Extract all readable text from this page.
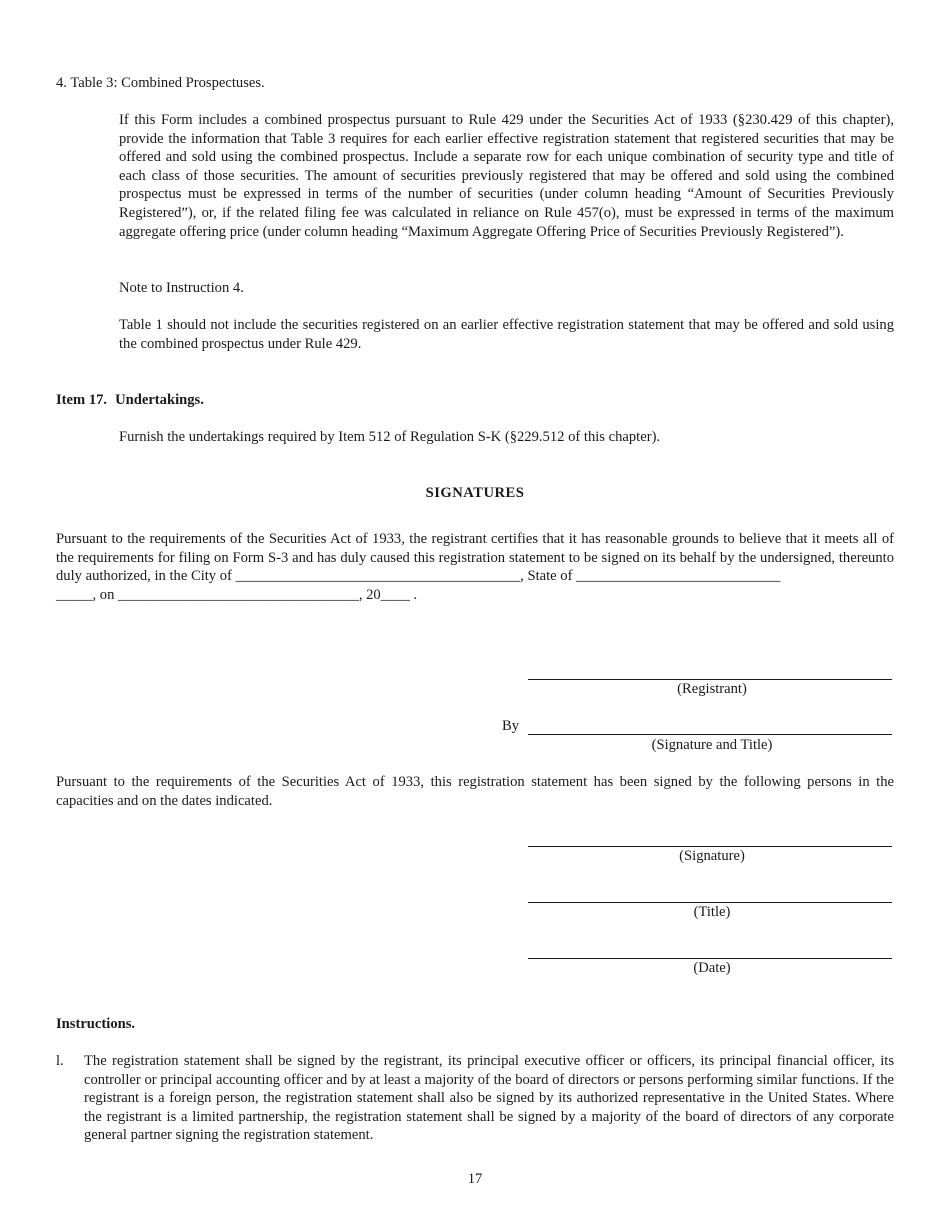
4. Table 3: Combined Prospectuses.
If this Form includes a combined prospectus pursuant to Rule 429 under the Securities Act of 1933 (§230.429 of this chapter), provide the information that Table 3 requires for each earlier effective registration statement that registered securities that may be offered and sold using the combined prospectus. Include a separate row for each unique combination of security type and title of each class of those securities. The amount of securities previously registered that may be offered and sold using the combined prospectus must be expressed in terms of the number of securities (under column heading “Amount of Securities Previously Registered”), or, if the related filing fee was calculated in reliance on Rule 457(o), must be expressed in terms of the maximum aggregate offering price (under column heading “Maximum Aggregate Offering Price of Securities Previously Registered”).
Note to Instruction 4.
Table 1 should not include the securities registered on an earlier effective registration statement that may be offered and sold using the combined prospectus under Rule 429.
Item 17. Undertakings.
Furnish the undertakings required by Item 512 of Regulation S-K (§229.512 of this chapter).
SIGNATURES
Pursuant to the requirements of the Securities Act of 1933, the registrant certifies that it has reasonable grounds to believe that it meets all of the requirements for filing on Form S-3 and has duly caused this registration statement to be signed on its behalf by the undersigned, thereunto duly authorized, in the City of _______________________________________, State of ____________________________
_____, on _________________________________, 20____ .
(Registrant)
By
(Signature and Title)
Pursuant to the requirements of the Securities Act of 1933, this registration statement has been signed by the following persons in the capacities and on the dates indicated.
(Signature)
(Title)
(Date)
Instructions.
l. The registration statement shall be signed by the registrant, its principal executive officer or officers, its principal financial officer, its controller or principal accounting officer and by at least a majority of the board of directors or persons performing similar functions. If the registrant is a foreign person, the registration statement shall also be signed by its authorized representative in the United States. Where the registrant is a limited partnership, the registration statement shall be signed by a majority of the board of directors of any corporate general partner signing the registration statement.
17
